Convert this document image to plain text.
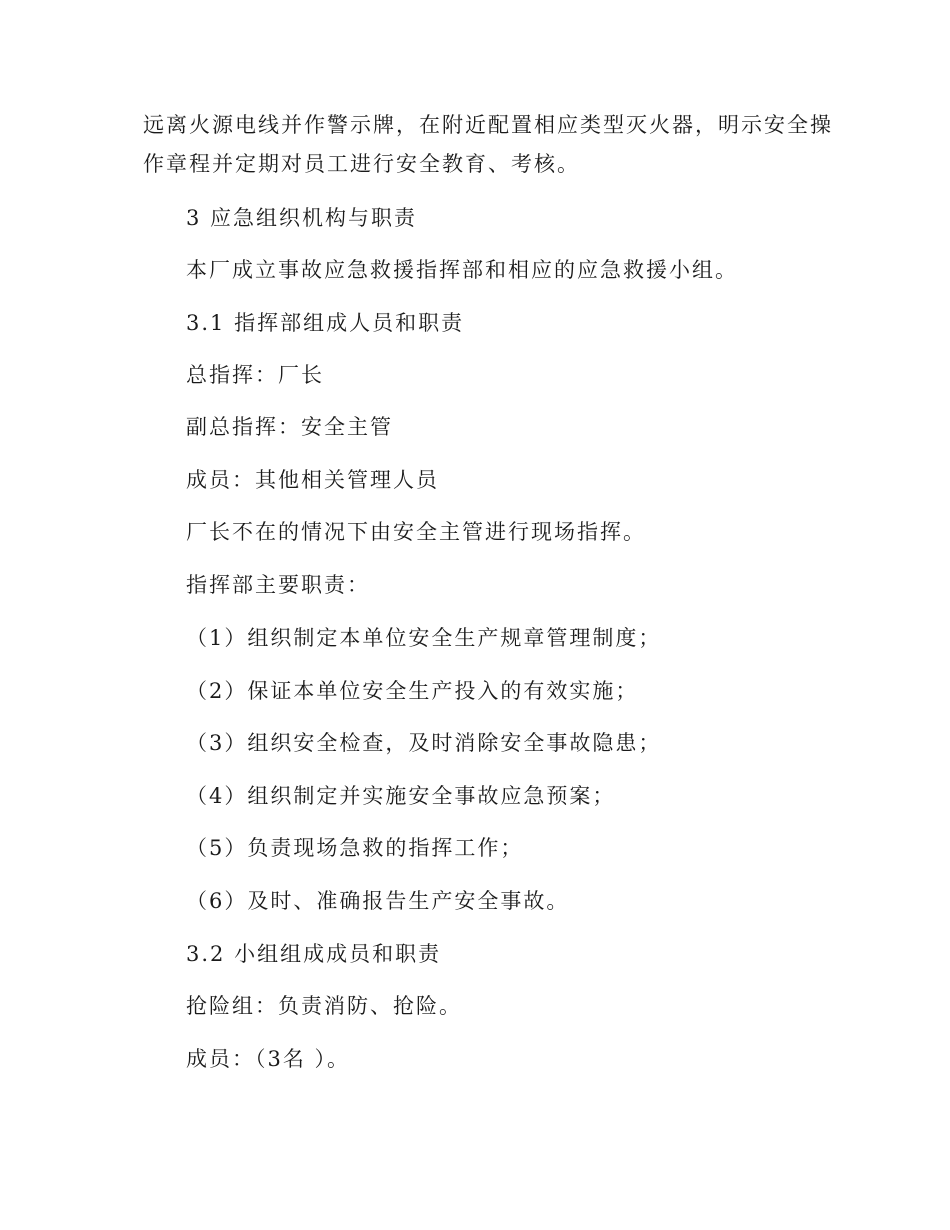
远离火源电线并作警示牌，在附近配置相应类型灭火器，明示安全操

作章程并定期对员工进行安全教育、考核。

3 应急组织机构与职责

本厂成立事故应急救援指挥部和相应的应急救援小组。

3.1 指挥部组成人员和职责

总指挥：厂长

副总指挥：安全主管

成员：其他相关管理人员

厂长不在的情况下由安全主管进行现场指挥。

指挥部主要职责：

（1）组织制定本单位安全生产规章管理制度；

（2）保证本单位安全生产投入的有效实施；

（3）组织安全检查，及时消除安全事故隐患；

（4）组织制定并实施安全事故应急预案；

（5）负责现场急救的指挥工作；

（6）及时、准确报告生产安全事故。

3.2 小组组成成员和职责

抢险组：负责消防、抢险。

成员：（3名 ）。
